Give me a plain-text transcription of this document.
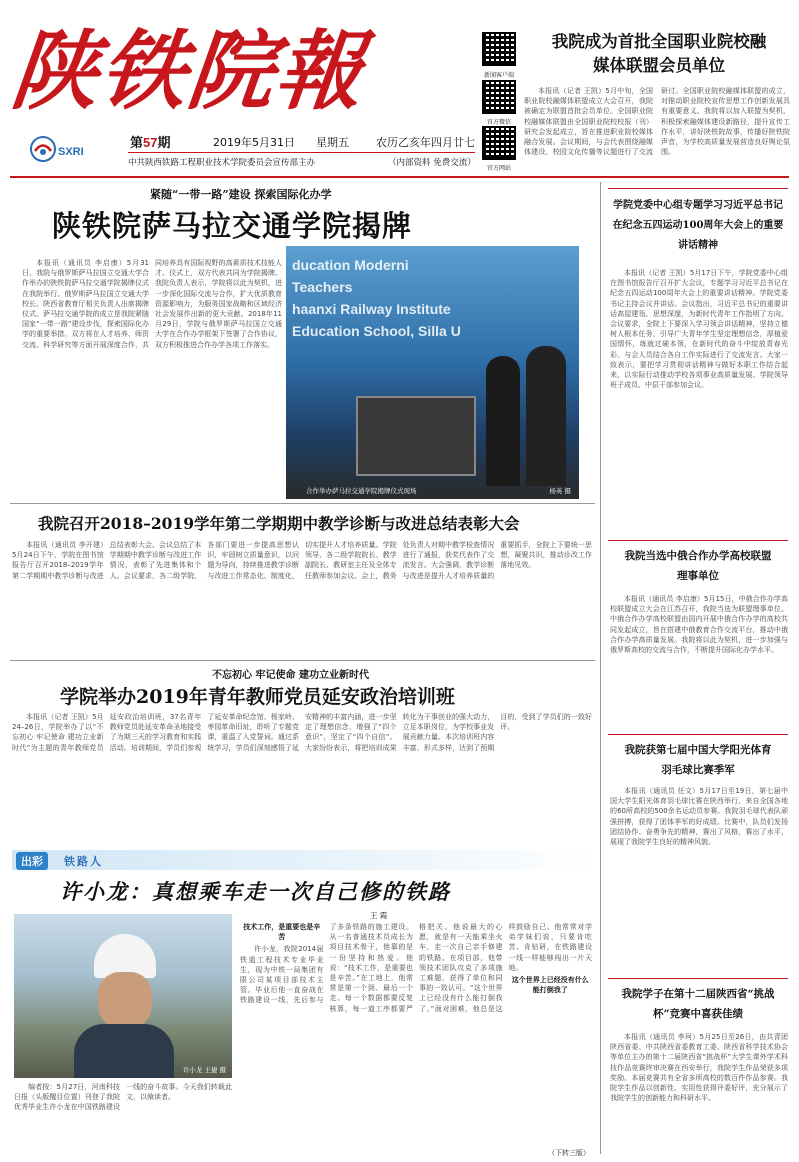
陕铁院報
SXRI
第57期	2019年5月31日 星期五 农历乙亥年四月廿七
中共陕西铁路工程职业技术学院委员会宣传部主办	（内部资料 免费交流）
新闻客户端
官方微信
官方网站
我院成为首批全国职业院校融媒体联盟会员单位

本报讯（记者 王凯）5月中旬，全国职业院校融媒体联盟成立大会召开，我院被确定为联盟首批会员单位。全国职业院校融媒体联盟由全国职业院校校报（刊）研究会发起成立，旨在推进职业院校媒体融合发展。会议期间，与会代表围绕融媒体建设、校园文化传播等议题进行了交流研讨。全国职业院校融媒体联盟的成立，对推动职业院校宣传思想工作创新发展具有重要意义。我院将以加入联盟为契机，积极探索融媒体建设新路径，提升宣传工作水平，讲好陕铁院故事，传播好陕铁院声音，为学校高质量发展营造良好舆论氛围。

紧随“一带一路”建设 探索国际化办学
陕铁院萨马拉交通学院揭牌

本报讯（通讯员 李启康）5月31日，我院与俄罗斯萨马拉国立交通大学合作举办的陕铁院萨马拉交通学院揭牌仪式在我院举行。俄罗斯萨马拉国立交通大学校长、陕西省教育厅相关负责人出席揭牌仪式。萨马拉交通学院的成立是我院紧随国家“一带一路”建设步伐，探索国际化办学的重要举措。双方将在人才培养、师资交流、科学研究等方面开展深度合作，共同培养具有国际视野的高素质技术技能人才。仪式上，双方代表共同为学院揭牌。我院负责人表示，学院将以此为契机，进一步深化国际交流与合作，扩大优质教育资源影响力，为服务国家战略和区域经济社会发展作出新的更大贡献。2018年11月29日，学院与俄罗斯萨马拉国立交通大学在合作办学框架下签署了合作协议，双方积极推进合作办学各项工作落实。

ducation Moderni
Teachers
haanxi Railway Institute
Education School, Silla U
合作举办萨马拉交通学院揭牌仪式现场	杨英 摄
我院召开2018–2019学年第二学期期中教学诊断与改进总结表彰大会

本报讯（通讯员 李开建）5月24日下午，学院在图书馆报告厅召开2018–2019学年第二学期期中教学诊断与改进总结表彰大会。会议总结了本学期期中教学诊断与改进工作情况，表彰了先进集体和个人。会议要求，各二级学院、各部门要进一步提高思想认识，牢固树立质量意识，以问题为导向，持续推进教学诊断与改进工作常态化、制度化，切实提升人才培养质量。学院领导、各二级学院院长、教学副院长、教研室主任及全体专任教师参加会议。会上，教务处负责人对期中教学检查情况进行了通报，获奖代表作了交流发言。大会强调，教学诊断与改进是提升人才培养质量的重要抓手，全院上下要统一思想，凝聚共识，推动诊改工作落地见效。

不忘初心 牢记使命 建功立业新时代
学院举办2019年青年教师党员延安政治培训班

本报讯（记者 王凯）5月24–26日，学院举办了以“不忘初心 牢记使命 建功立业新时代”为主题的青年教师党员延安政治培训班，37名青年教师党员赴延安革命圣地接受了为期三天的学习教育和实践活动。培训期间，学员们参观了延安革命纪念馆、杨家岭、枣园革命旧址，聆听了专题党课，重温了入党誓词。通过系统学习，学员们深刻感悟了延安精神的丰富内涵，进一步坚定了理想信念，增强了“四个意识”，坚定了“四个自信”。大家纷纷表示，将把培训成果转化为干事创业的强大动力，立足本职岗位，为学校事业发展贡献力量。本次培训班内容丰富、形式多样，达到了预期目的，受到了学员们的一致好评。

出彩	铁路人
许小龙：真想乘车走一次自己修的铁路
王 霞
许小龙 王捷 摄

编者按：5月27日，河南科技日报（头版醒目位置）刊登了我院优秀毕业生许小龙在中国铁路建设一线的奋斗故事。今天我们转载此文，以飨读者。

技术工作，是重要也是辛苦

许小龙，我院2014届铁道工程技术专业毕业生，现为中铁一局集团有限公司某项目部技术主管。毕业后他一直奋战在铁路建设一线，先后参与了多条铁路的施工建设。从一名普通技术员成长为项目技术骨干，他靠的是一份坚持和热爱。他说：“技术工作，是重要也是辛苦。”在工地上，他常常是第一个到、最后一个走。每一个数据都要反复核算，每一道工序都要严格把关。他说最大的心愿，就是有一天能乘坐火车，走一次自己亲手修建的铁路。在项目部，他带领技术团队攻克了多项施工难题，获得了单位和同事的一致认可。“这个世界上已经没有什么能打倒我了。”面对困难，他总是这样鼓励自己。他常常对学弟学妹们说，只要肯吃苦、肯钻研，在铁路建设一线一样能够闯出一片天地。

这个世界上已经没有什么能打倒我了
（下转三版）
学院党委中心组专题学习习近平总书记在纪念五四运动100周年大会上的重要讲话精神

本报讯（记者 王凯）5月17日下午，学院党委中心组在图书馆报告厅召开扩大会议，专题学习习近平总书记在纪念五四运动100周年大会上的重要讲话精神。学院党委书记主持会议并讲话。会议指出，习近平总书记的重要讲话高屋建瓴、思想深邃，为新时代青年工作指明了方向。会议要求，全院上下要深入学习领会讲话精神，坚持立德树人根本任务，引导广大青年学生坚定理想信念，厚植爱国情怀，练就过硬本领，在新时代的奋斗中绽放青春光彩。与会人员结合各自工作实际进行了交流发言。大家一致表示，要把学习贯彻讲话精神与做好本职工作结合起来，以实际行动推动学校各项事业高质量发展。学院领导班子成员、中层干部参加会议。

我院当选中俄合作办学高校联盟理事单位

本报讯（通讯员 李启康）5月15日，中俄合作办学高校联盟成立大会在江苏召开，我院当选为联盟理事单位。中俄合作办学高校联盟由国内开展中俄合作办学的高校共同发起成立，旨在搭建中俄教育合作交流平台，推动中俄合作办学高质量发展。我院将以此为契机，进一步加强与俄罗斯高校的交流与合作，不断提升国际化办学水平。

我院获第七届中国大学阳光体育羽毛球比赛季军

本报讯（通讯员 任文）5月17日至19日，第七届中国大学生阳光体育羽毛球比赛在陕西举行，来自全国各地的60所高校的500余名运动员参赛。我院羽毛球代表队顽强拼搏，获得了团体季军的好成绩。比赛中，队员们发扬团结协作、奋勇争先的精神，赛出了风格，赛出了水平，展现了我院学生良好的精神风貌。

我院学子在第十二届陕西省“挑战杯”竞赛中喜获佳绩

本报讯（通讯员 李珂）5月25日至26日，由共青团陕西省委、中共陕西省委教育工委、陕西省科学技术协会等单位主办的第十二届陕西省“挑战杯”大学生课外学术科技作品竞赛终审决赛在西安举行，我院学生作品荣获多项奖励。本届竞赛共有全省多所高校的数百件作品参赛。我院学生作品以创新性、实用性获得评委好评，充分展示了我院学生的创新能力和科研水平。
